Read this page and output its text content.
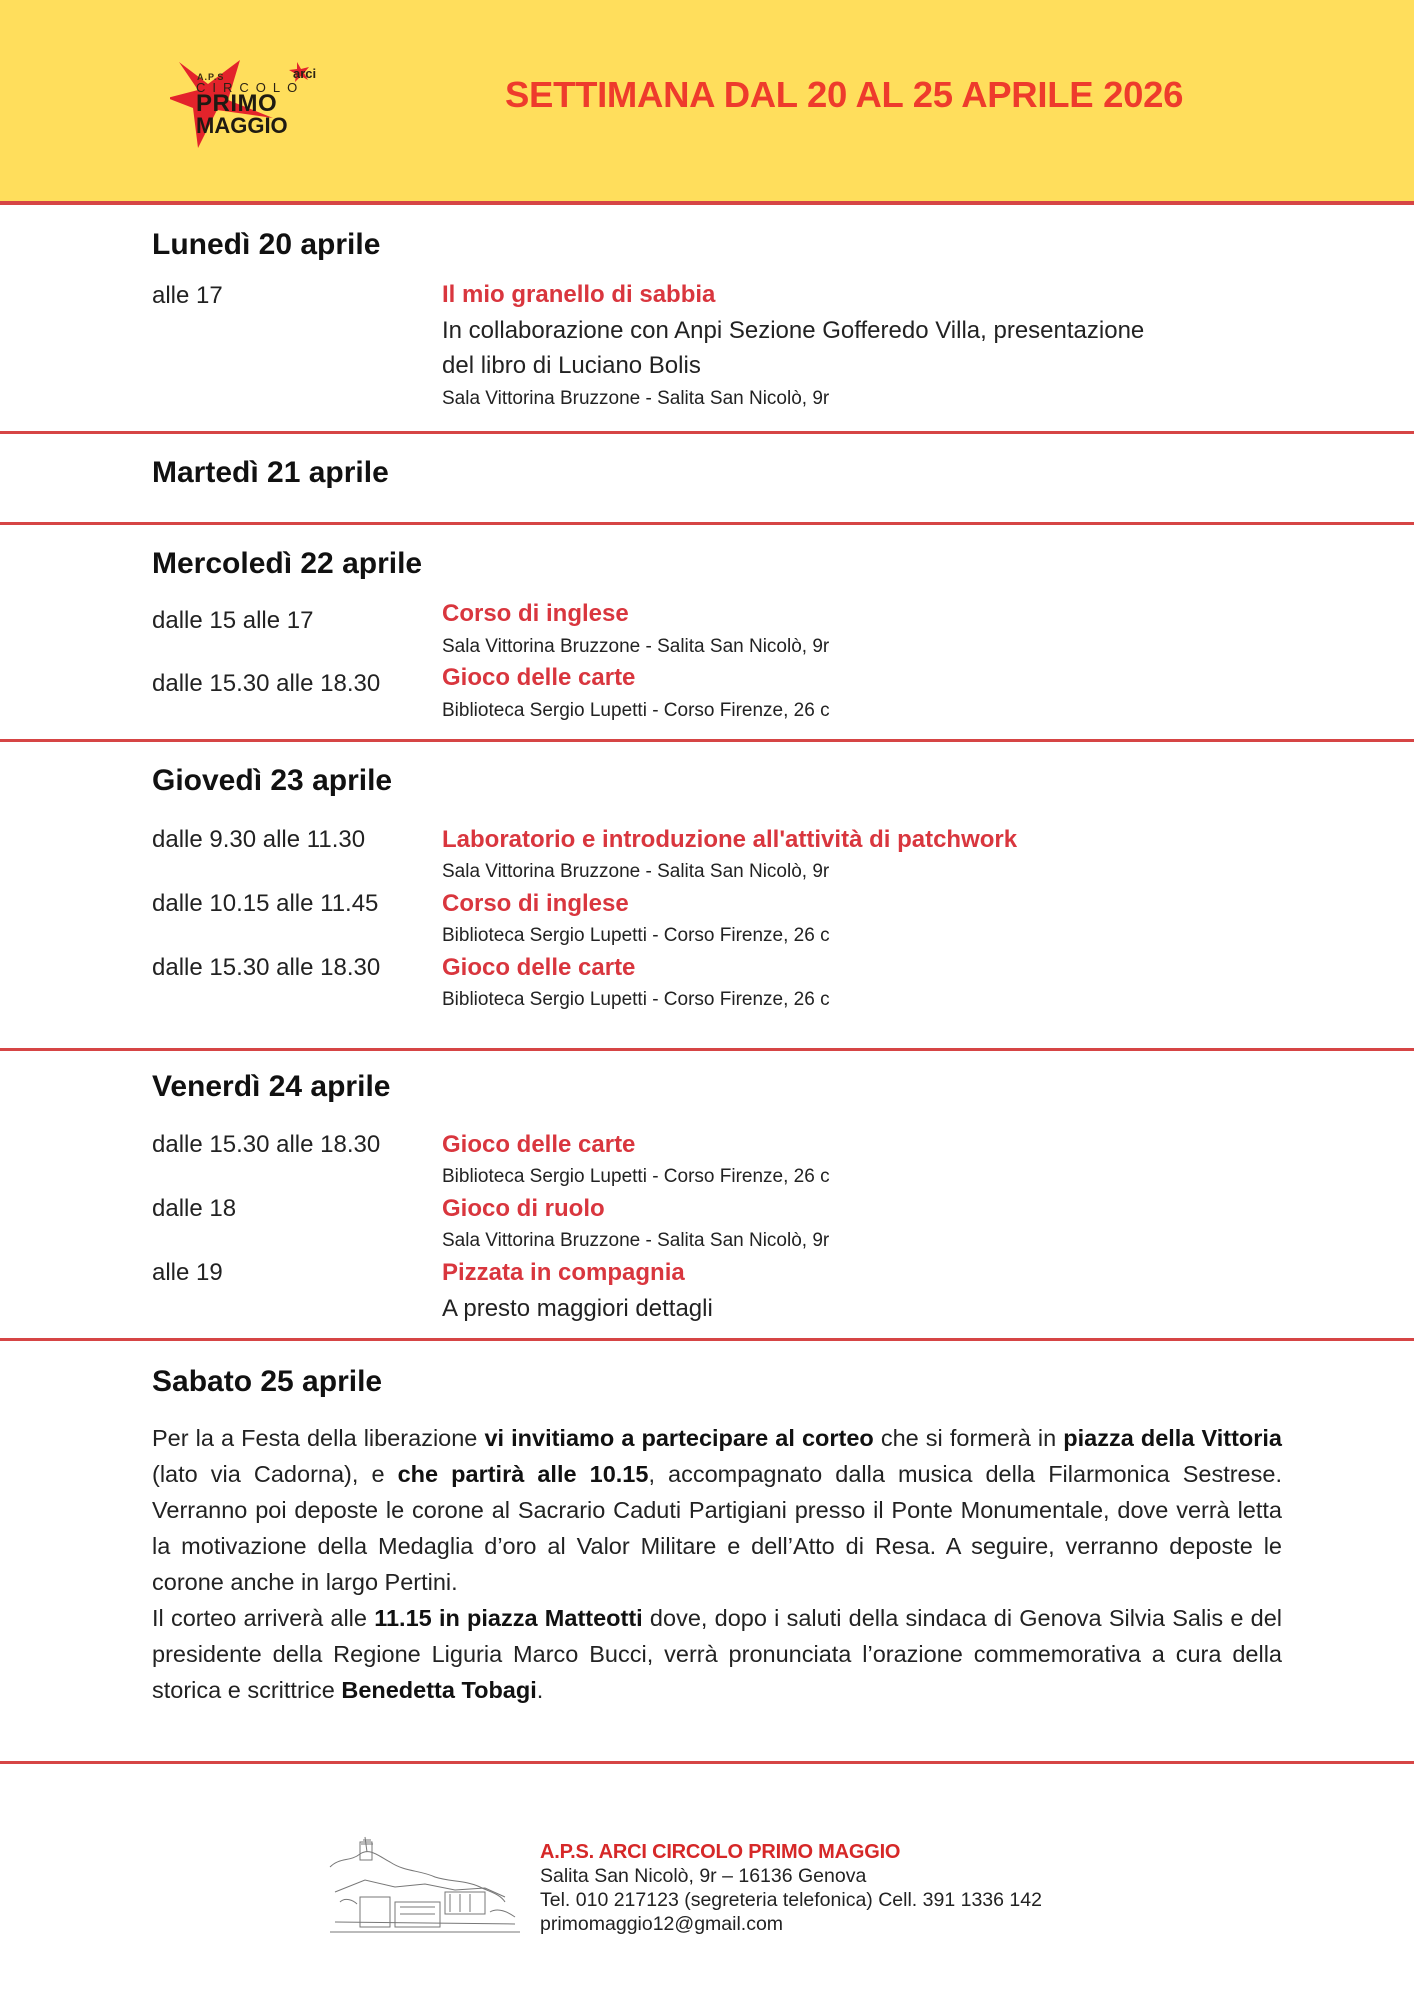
A.P.S
CIRCOLO
PRIMO
MAGGIO
arci
SETTIMANA DAL 20 AL 25 APRILE 2026
Lunedì 20 aprile
alle 17	Il mio granello di sabbia
In collaborazione con Anpi Sezione Gofferedo Villa, presentazione
del libro di Luciano Bolis
Sala Vittorina Bruzzone - Salita San Nicolò, 9r
Martedì 21 aprile
Mercoledì 22 aprile
dalle 15 alle 17	Corso di inglese
Sala Vittorina Bruzzone - Salita San Nicolò, 9r
dalle 15.30 alle 18.30	Gioco delle carte
Biblioteca Sergio Lupetti - Corso Firenze, 26 c
Giovedì 23 aprile
dalle 9.30 alle 11.30	Laboratorio e introduzione all'attività di patchwork
Sala Vittorina Bruzzone - Salita San Nicolò, 9r
dalle 10.15 alle 11.45	Corso di inglese
Biblioteca Sergio Lupetti - Corso Firenze, 26 c
dalle 15.30 alle 18.30	Gioco delle carte
Biblioteca Sergio Lupetti - Corso Firenze, 26 c
Venerdì 24 aprile
dalle 15.30 alle 18.30	Gioco delle carte
Biblioteca Sergio Lupetti - Corso Firenze, 26 c
dalle 18	Gioco di ruolo
Sala Vittorina Bruzzone - Salita San Nicolò, 9r
alle 19	Pizzata in compagnia
A presto maggiori dettagli
Sabato 25 aprile

Per la a Festa della liberazione vi invitiamo a partecipare al corteo che si formerà in piazza della Vittoria (lato via Cadorna), e che partirà alle 10.15, accompagnato dalla musica della Filarmonica Sestrese. Verranno poi deposte le corone al Sacrario Caduti Partigiani presso il Ponte Monumentale, dove verrà letta la motivazione della Medaglia d’oro al Valor Militare e dell’Atto di Resa. A seguire, verranno deposte le corone anche in largo Pertini.

Il corteo arriverà alle 11.15 in piazza Matteotti dove, dopo i saluti della sindaca di Genova Silvia Salis e del presidente della Regione Liguria Marco Bucci, verrà pronunciata l’orazione commemorativa a cura della storica e scrittrice Benedetta Tobagi.

A.P.S. ARCI CIRCOLO PRIMO MAGGIO
Salita San Nicolò, 9r – 16136 Genova
Tel. 010 217123 (segreteria telefonica) Cell. 391 1336 142
primomaggio12@gmail.com
